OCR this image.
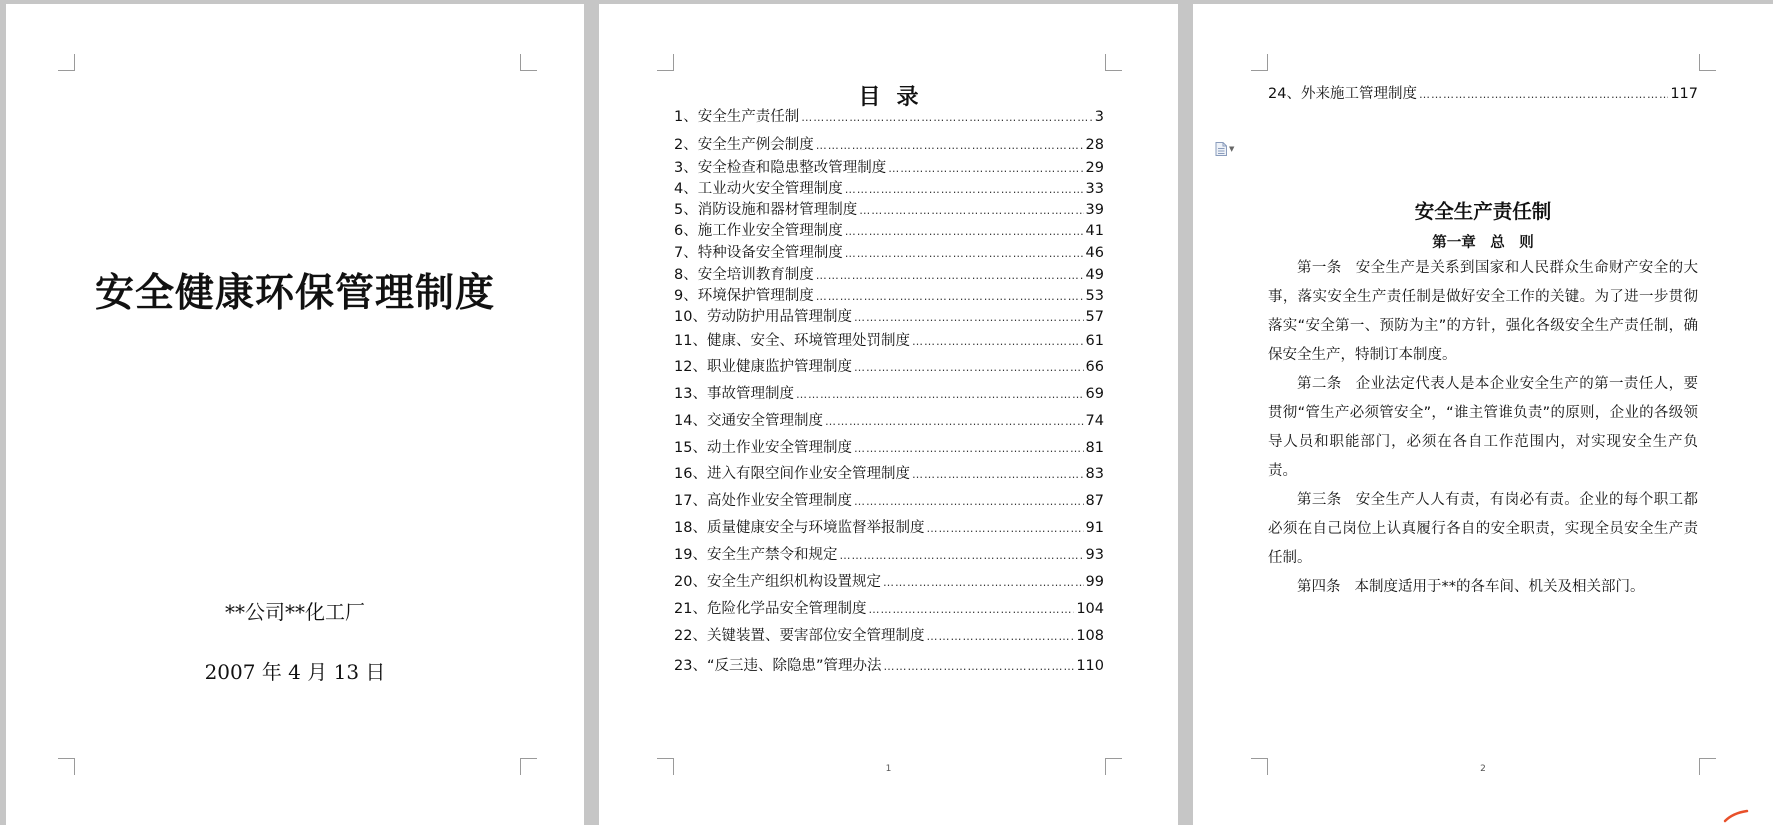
安全健康环保管理制度
**公司**化工厂
2007 年 4 月 13 日
目录
1、安全生产责任制 ……………………………………………………………………………………………………………………………………………………………………	3
2、安全生产例会制度 ……………………………………………………………………………………………………………………………………………………………………	28
3、安全检查和隐患整改管理制度 ……………………………………………………………………………………………………………………………………………………………………	29
4、工业动火安全管理制度 ……………………………………………………………………………………………………………………………………………………………………	33
5、消防设施和器材管理制度 ……………………………………………………………………………………………………………………………………………………………………	39
6、施工作业安全管理制度 ……………………………………………………………………………………………………………………………………………………………………	41
7、特种设备安全管理制度 ……………………………………………………………………………………………………………………………………………………………………	46
8、安全培训教育制度 ……………………………………………………………………………………………………………………………………………………………………	49
9、环境保护管理制度 ……………………………………………………………………………………………………………………………………………………………………	53
10、劳动防护用品管理制度 ……………………………………………………………………………………………………………………………………………………………………	57
11、健康、安全、环境管理处罚制度 ……………………………………………………………………………………………………………………………………………………………………	61
12、职业健康监护管理制度 ……………………………………………………………………………………………………………………………………………………………………	66
13、事故管理制度 ……………………………………………………………………………………………………………………………………………………………………	69
14、交通安全管理制度 ……………………………………………………………………………………………………………………………………………………………………	74
15、动土作业安全管理制度 ……………………………………………………………………………………………………………………………………………………………………	81
16、进入有限空间作业安全管理制度 ……………………………………………………………………………………………………………………………………………………………………	83
17、高处作业安全管理制度 ……………………………………………………………………………………………………………………………………………………………………	87
18、质量健康安全与环境监督举报制度 ……………………………………………………………………………………………………………………………………………………………………	91
19、安全生产禁令和规定 ……………………………………………………………………………………………………………………………………………………………………	93
20、安全生产组织机构设置规定 ……………………………………………………………………………………………………………………………………………………………………	99
21、危险化学品安全管理制度 ……………………………………………………………………………………………………………………………………………………………………	104
22、关键装置、要害部位安全管理制度 ……………………………………………………………………………………………………………………………………………………………………	108
23、“反三违、除隐患”管理办法 ……………………………………………………………………………………………………………………………………………………………………	110
1
24、外来施工管理制度 ……………………………………………………………………………………………………………………………………………………………………	117
▼
安全生产责任制
第一章　总　则

第一条 安全生产是关系到国家和人民群众生命财产安全的大事，落实安全生产责任制是做好安全工作的关键。为了进一步贯彻落实“安全第一、预防为主”的方针，强化各级安全生产责任制，确保安全生产，特制订本制度。

第二条 企业法定代表人是本企业安全生产的第一责任人，要贯彻“管生产必须管安全”，“谁主管谁负责”的原则，企业的各级领导人员和职能部门，必须在各自工作范围内，对实现安全生产负责。

第三条 安全生产人人有责，有岗必有责。企业的每个职工都必须在自己岗位上认真履行各自的安全职责，实现全员安全生产责任制。

第四条 本制度适用于**的各车间、机关及相关部门。

2
